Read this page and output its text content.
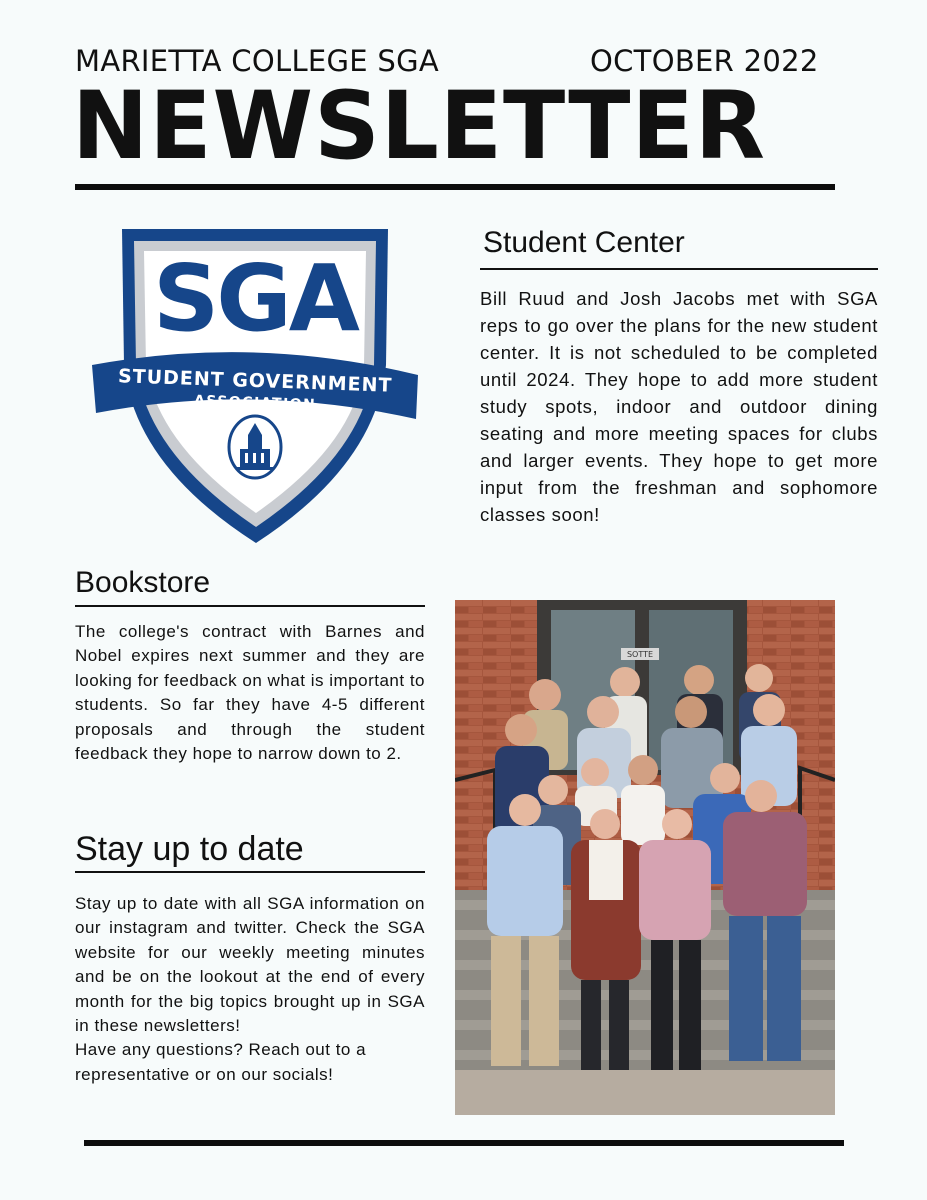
MARIETTA COLLEGE SGA	OCTOBER 2022
NEWSLETTER
SGA
STUDENT GOVERNMENT
ASSOCIATION
Student Center
Bill Ruud and Josh Jacobs met with SGA reps to go over the plans for the new student center. It is not scheduled to be completed until 2024. They hope to add more student study spots, indoor and outdoor dining seating and more meeting spaces for clubs and larger events. They hope to get more input from the freshman and sophomore classes soon!
Bookstore
The college's contract with Barnes and Nobel expires next summer and they are looking for feedback on what is important to students. So far they have 4-5 different proposals and through the student feedback they hope to narrow down to 2.
Stay up to date
Stay up to date with all SGA information on our instagram and twitter. Check the SGA website for our weekly meeting minutes and be on the lookout at the end of every month for the big topics brought up in SGA in these newsletters!
Have any questions? Reach out to a representative or on our socials!
SOTTE
